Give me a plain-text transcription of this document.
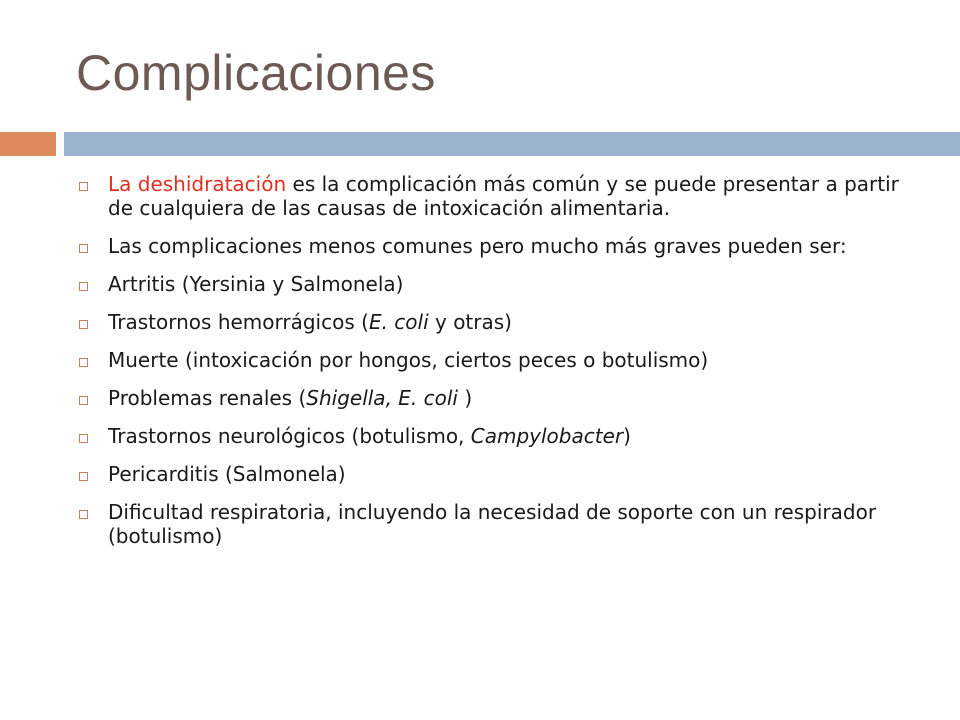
Complicaciones
La deshidratación es la complicación más común y se puede presentar a partir de cualquiera de las causas de intoxicación alimentaria.
Las complicaciones menos comunes pero mucho más graves pueden ser:
Artritis (Yersinia y Salmonela)
Trastornos hemorrágicos (E. coli y otras)
Muerte (intoxicación por hongos, ciertos peces o botulismo)
Problemas renales (Shigella, E. coli )
Trastornos neurológicos (botulismo, Campylobacter)
Pericarditis (Salmonela)
Dificultad respiratoria, incluyendo la necesidad de soporte con un respirador (botulismo)
